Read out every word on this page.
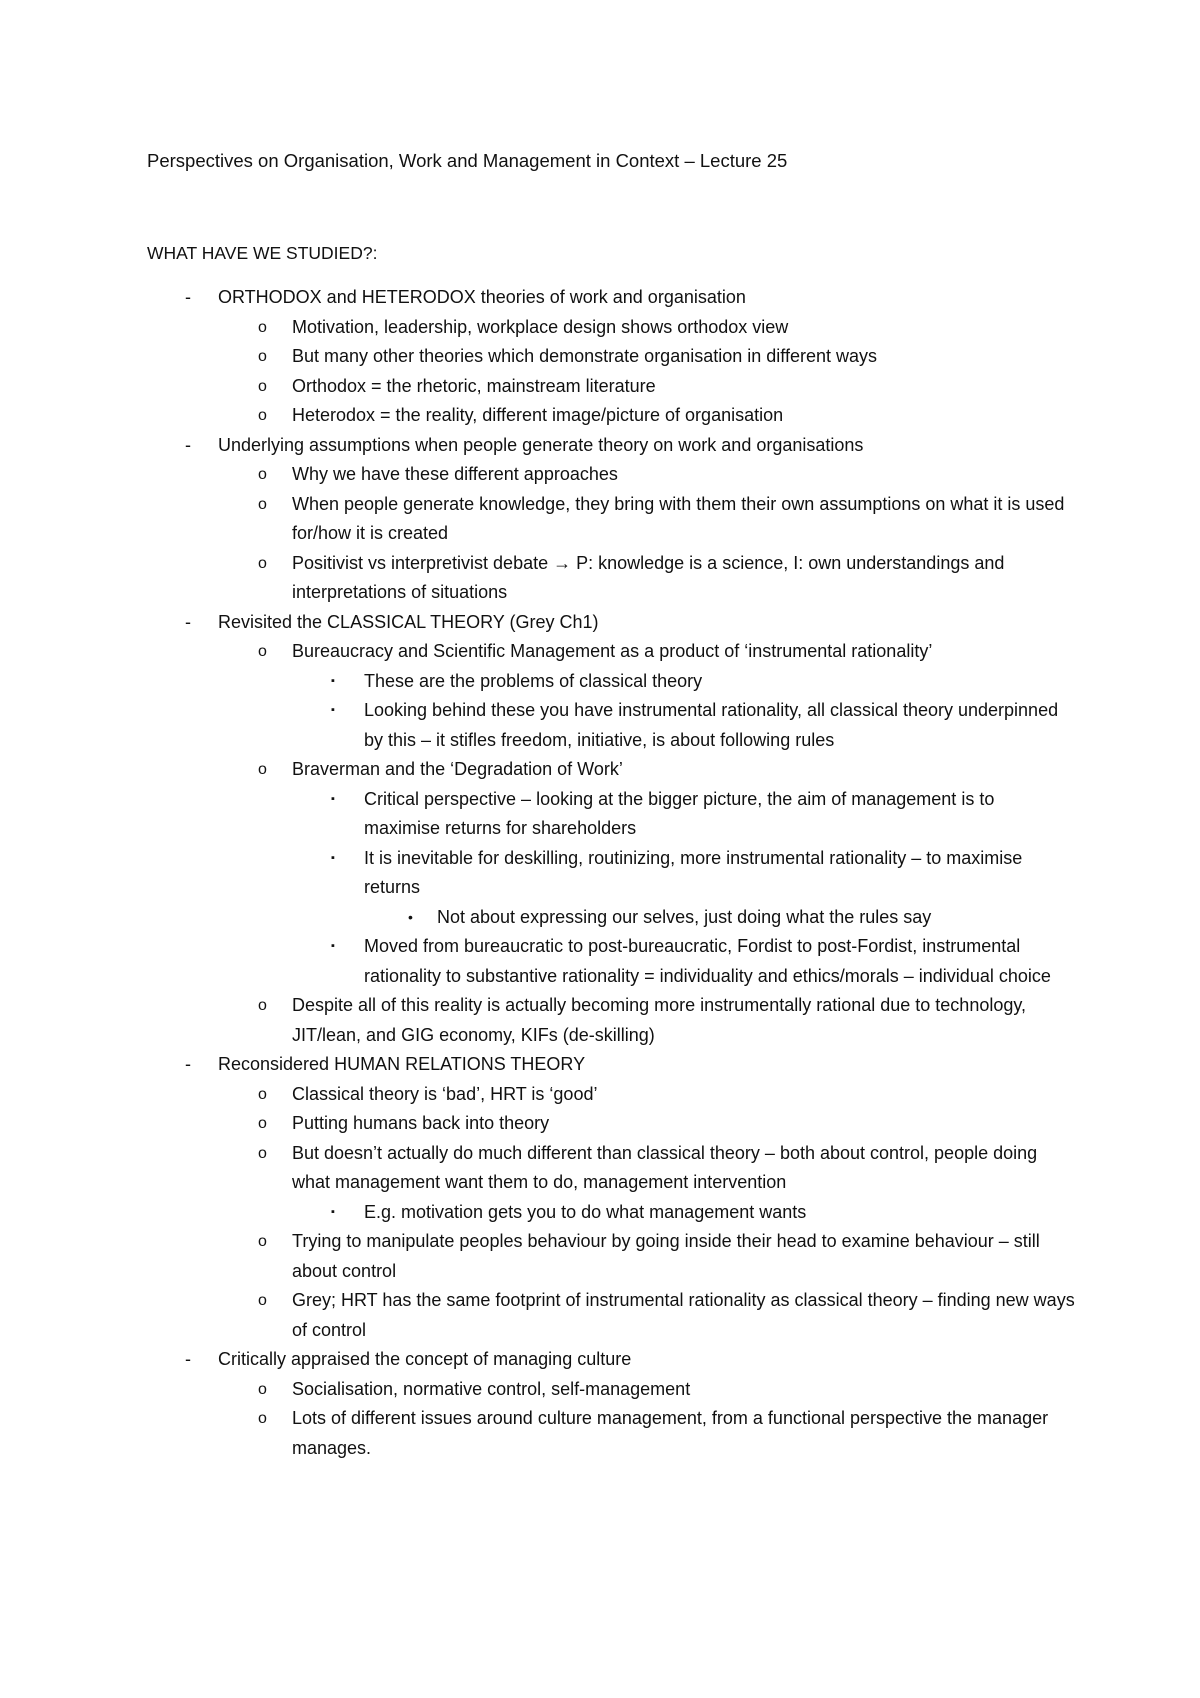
Perspectives on Organisation, Work and Management in Context – Lecture 25
WHAT HAVE WE STUDIED?:
- ORTHODOX and HETERODOX theories of work and organisation
o Motivation, leadership, workplace design shows orthodox view
o But many other theories which demonstrate organisation in different ways
o Orthodox = the rhetoric, mainstream literature
o Heterodox = the reality, different image/picture of organisation
- Underlying assumptions when people generate theory on work and organisations
o Why we have these different approaches
o When people generate knowledge, they bring with them their own assumptions on what it is used for/how it is created
o Positivist vs interpretivist debate → P: knowledge is a science, I: own understandings and interpretations of situations
- Revisited the CLASSICAL THEORY (Grey Ch1)
o Bureaucracy and Scientific Management as a product of ‘instrumental rationality’
▪ These are the problems of classical theory
▪ Looking behind these you have instrumental rationality, all classical theory underpinned by this – it stifles freedom, initiative, is about following rules
o Braverman and the ‘Degradation of Work’
▪ Critical perspective – looking at the bigger picture, the aim of management is to maximise returns for shareholders
▪ It is inevitable for deskilling, routinizing, more instrumental rationality – to maximise returns
• Not about expressing our selves, just doing what the rules say
▪ Moved from bureaucratic to post-bureaucratic, Fordist to post-Fordist, instrumental rationality to substantive rationality = individuality and ethics/morals – individual choice
o Despite all of this reality is actually becoming more instrumentally rational due to technology, JIT/lean, and GIG economy, KIFs (de-skilling)
- Reconsidered HUMAN RELATIONS THEORY
o Classical theory is ‘bad’, HRT is ‘good’
o Putting humans back into theory
o But doesn’t actually do much different than classical theory – both about control, people doing what management want them to do, management intervention
▪ E.g. motivation gets you to do what management wants
o Trying to manipulate peoples behaviour by going inside their head to examine behaviour – still about control
o Grey; HRT has the same footprint of instrumental rationality as classical theory – finding new ways of control
- Critically appraised the concept of managing culture
o Socialisation, normative control, self-management
o Lots of different issues around culture management, from a functional perspective the manager manages.
